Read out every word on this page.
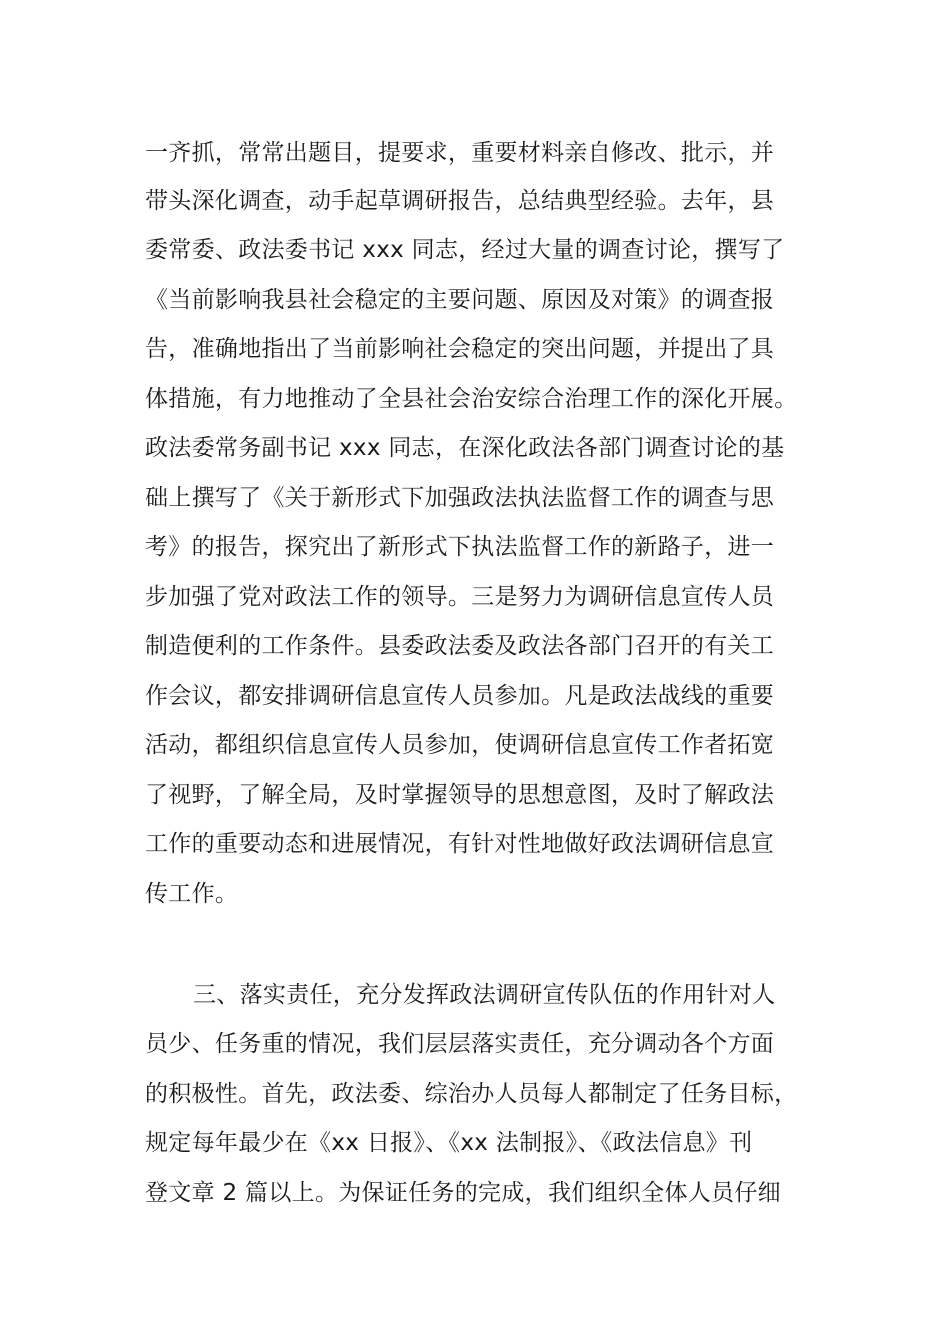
一齐抓，常常出题目，提要求，重要材料亲自修改、批示，并
带头深化调查，动手起草调研报告，总结典型经验。去年，县
委常委、政法委书记 xxx 同志，经过大量的调查讨论，撰写了
《当前影响我县社会稳定的主要问题、原因及对策》的调查报
告，准确地指出了当前影响社会稳定的突出问题，并提出了具
体措施，有力地推动了全县社会治安综合治理工作的深化开展。
政法委常务副书记 xxx 同志，在深化政法各部门调查讨论的基
础上撰写了《关于新形式下加强政法执法监督工作的调查与思
考》的报告，探究出了新形式下执法监督工作的新路子，进一
步加强了党对政法工作的领导。三是努力为调研信息宣传人员
制造便利的工作条件。县委政法委及政法各部门召开的有关工
作会议，都安排调研信息宣传人员参加。凡是政法战线的重要
活动，都组织信息宣传人员参加，使调研信息宣传工作者拓宽
了视野，了解全局，及时掌握领导的思想意图，及时了解政法
工作的重要动态和进展情况，有针对性地做好政法调研信息宣
传工作。
三、落实责任，充分发挥政法调研宣传队伍的作用针对人
员少、任务重的情况，我们层层落实责任，充分调动各个方面
的积极性。首先，政法委、综治办人员每人都制定了任务目标，
规定每年最少在《xx 日报》、《xx 法制报》、《政法信息》刊
登文章 2 篇以上。为保证任务的完成，我们组织全体人员仔细
